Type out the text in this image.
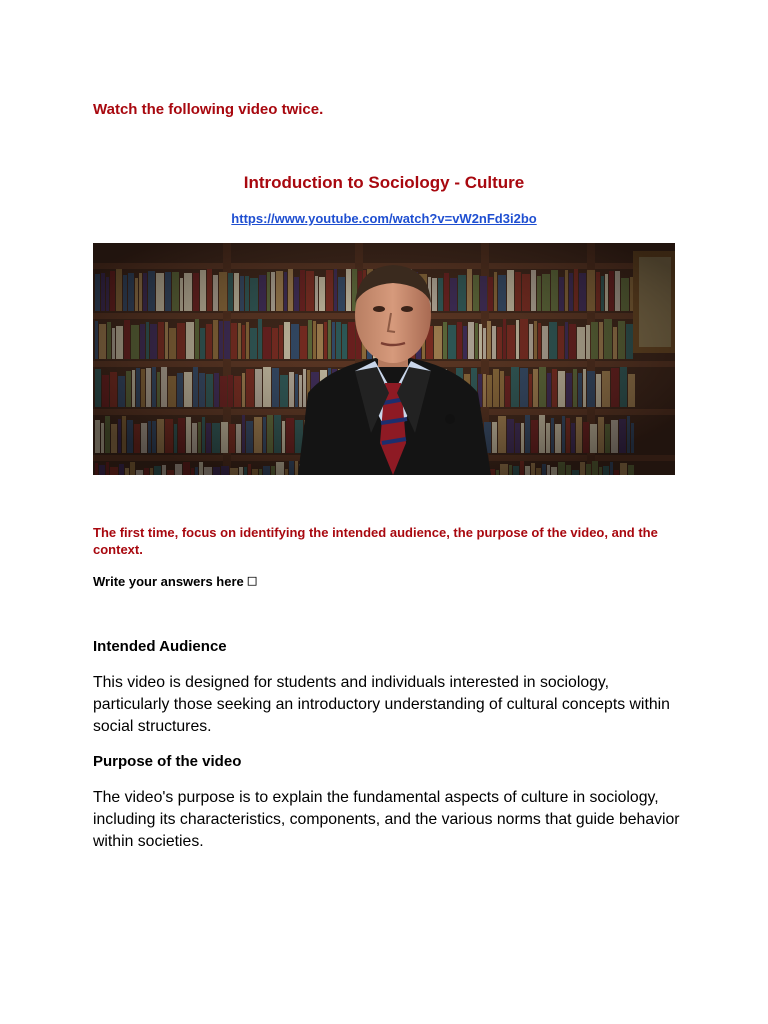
Watch the following video twice.
Introduction to Sociology - Culture
https://www.youtube.com/watch?v=vW2nFd3i2bo
The first time, focus on identifying the intended audience, the purpose of the video, and the context.
Write your answers here 🗆
Intended Audience
This video is designed for students and individuals interested in sociology, particularly those seeking an introductory understanding of cultural concepts within social structures.
Purpose of the video
The video's purpose is to explain the fundamental aspects of culture in sociology, including its characteristics, components, and the various norms that guide behavior within societies.
